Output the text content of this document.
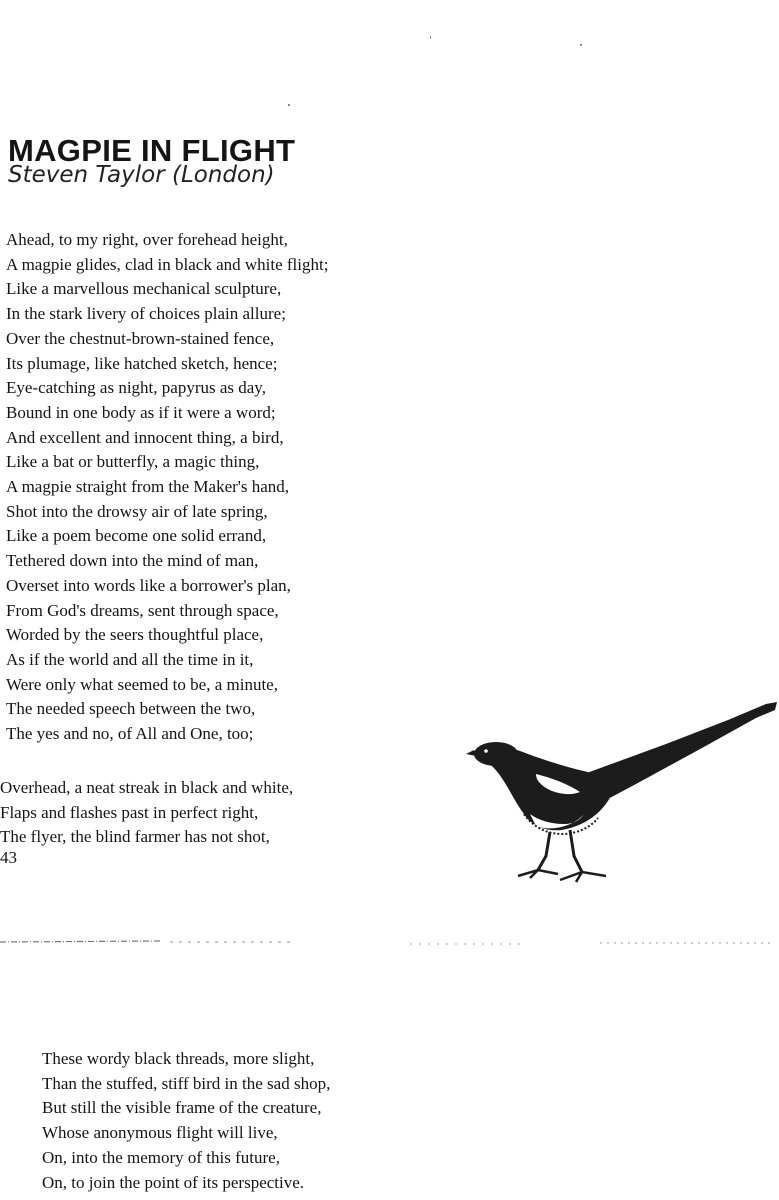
MAGPIE IN FLIGHT
Steven Taylor (London)
Ahead, to my right, over forehead height,
A magpie glides, clad in black and white flight;
Like a marvellous mechanical sculpture,
In the stark livery of choices plain allure;
Over the chestnut-brown-stained fence,
Its plumage, like hatched sketch, hence;
Eye-catching as night, papyrus as day,
Bound in one body as if it were a word;
And excellent and innocent thing, a bird,
Like a bat or butterfly, a magic thing,
A magpie straight from the Maker's hand,
Shot into the drowsy air of late spring,
Like a poem become one solid errand,
Tethered down into the mind of man,
Overset into words like a borrower's plan,
From God's dreams, sent through space,
Worded by the seers thoughtful place,
As if the world and all the time in it,
Were only what seemed to be, a minute,
The needed speech between the two,
The yes and no, of All and One, too;
Overhead, a neat streak in black and white,
Flaps and flashes past in perfect right,
The flyer, the blind farmer has not shot,
43
These wordy black threads, more slight,
Than the stuffed, stiff bird in the sad shop,
But still the visible frame of the creature,
Whose anonymous flight will live,
On, into the memory of this future,
On, to join the point of its perspective.
